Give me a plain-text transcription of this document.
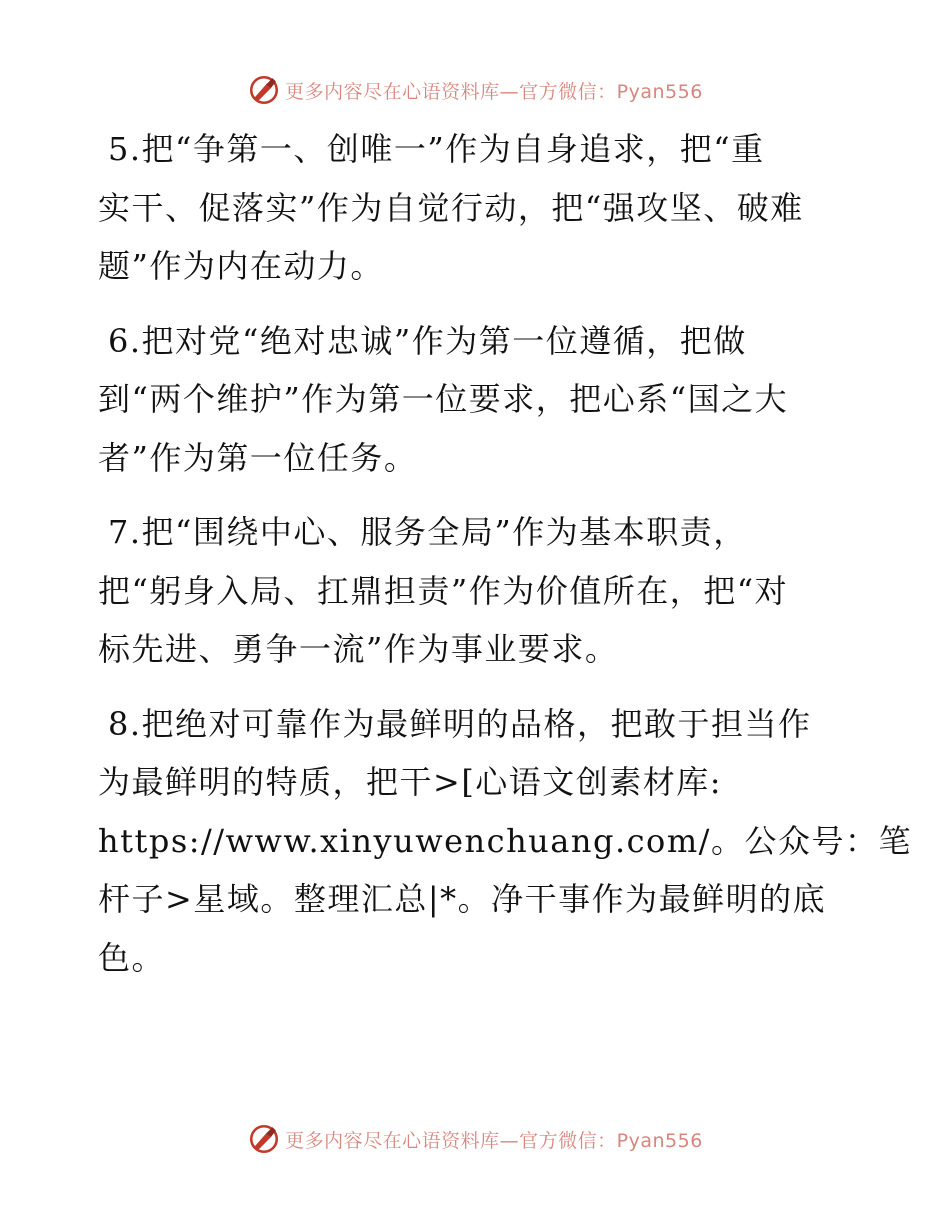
更多内容尽在心语资料库—官方微信：Pyan556
5.把“争第一、创唯一”作为自身追求，把“重
实干、促落实”作为自觉行动，把“强攻坚、破难
题”作为内在动力。
6.把对党“绝对忠诚”作为第一位遵循，把做
到“两个维护”作为第一位要求，把心系“国之大
者”作为第一位任务。
7.把“围绕中心、服务全局”作为基本职责，
把“躬身入局、扛鼎担责”作为价值所在，把“对
标先进、勇争一流”作为事业要求。
8.把绝对可靠作为最鲜明的品格，把敢于担当作
为最鲜明的特质，把干>[心语文创素材库:
https://www.xinyuwenchuang.com/。公众号：笔
杆子>星域。整理汇总|*。净干事作为最鲜明的底
色。
更多内容尽在心语资料库—官方微信：Pyan556
